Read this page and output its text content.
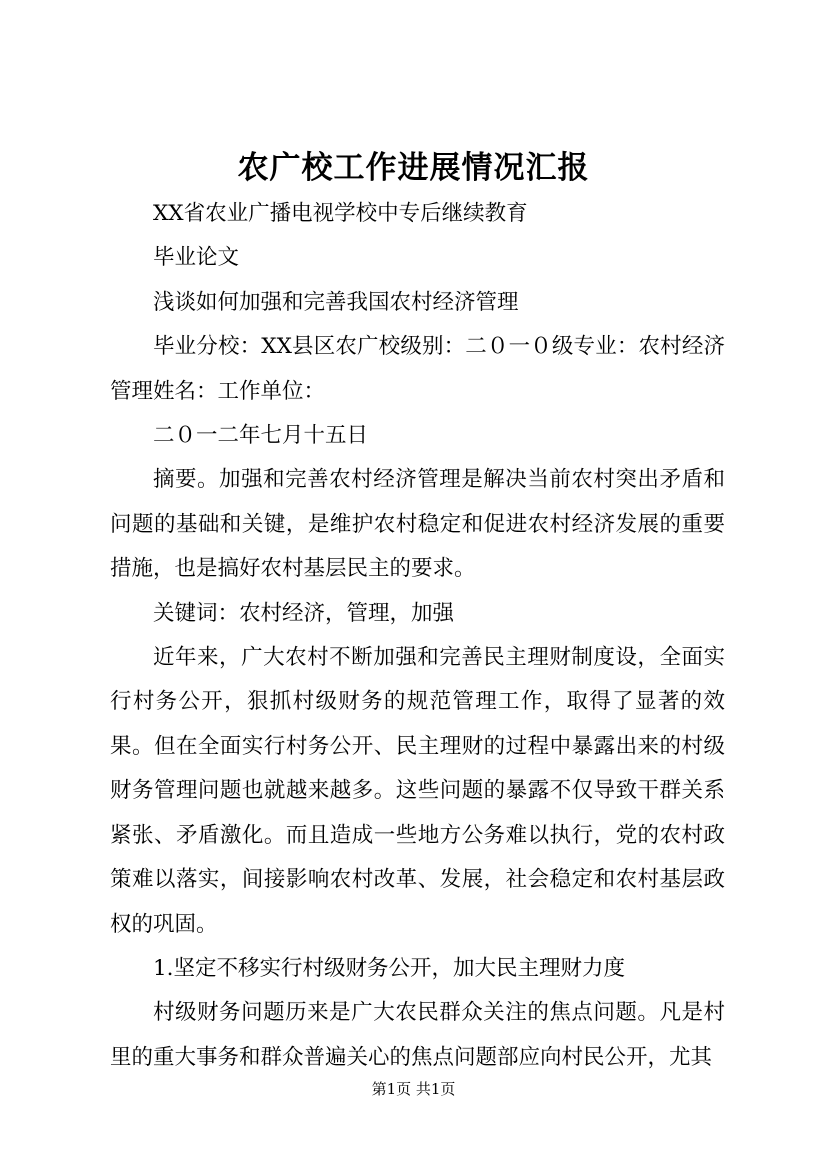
农广校工作进展情况汇报

XX省农业广播电视学校中专后继续教育

毕业论文

浅谈如何加强和完善我国农村经济管理

毕业分校：XX县区农广校级别：二０一０级专业：农村经济管理姓名：工作单位：

二０一二年七月十五日

摘要。加强和完善农村经济管理是解决当前农村突出矛盾和问题的基础和关键，是维护农村稳定和促进农村经济发展的重要措施，也是搞好农村基层民主的要求。

关键词：农村经济，管理，加强

近年来，广大农村不断加强和完善民主理财制度设，全面实行村务公开，狠抓村级财务的规范管理工作，取得了显著的效果。但在全面实行村务公开、民主理财的过程中暴露出来的村级财务管理问题也就越来越多。这些问题的暴露不仅导致干群关系紧张、矛盾激化。而且造成一些地方公务难以执行，党的农村政策难以落实，间接影响农村改革、发展，社会稳定和农村基层政权的巩固。

1.坚定不移实行村级财务公开，加大民主理财力度

村级财务问题历来是广大农民群众关注的焦点问题。凡是村里的重大事务和群众普遍关心的焦点问题部应向村民公开，尤其

第1页 共1页
